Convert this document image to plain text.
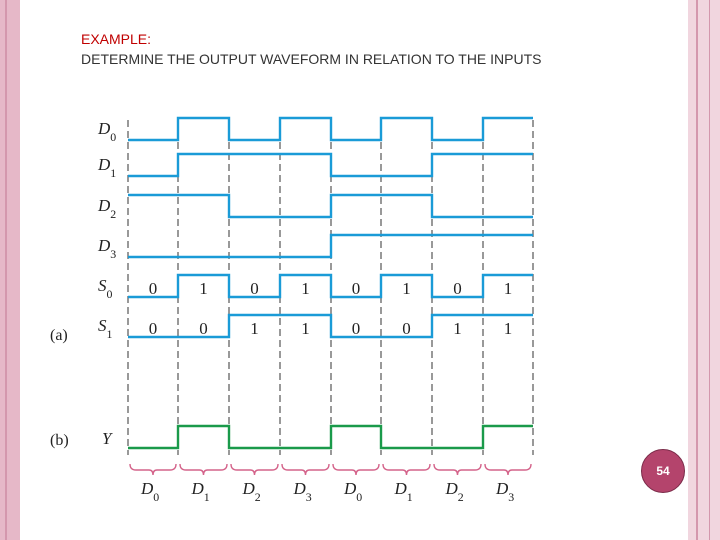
EXAMPLE:
DETERMINE THE OUTPUT WAVEFORM IN RELATION TO THE INPUTS
$D_0$
$D_1$
$D_2$
$D_3$
$S_0$ 0 1	0	1 0 1	0 1
$S_1$ 0 0	1	1 0 0	1 1
(a)
(b) Y
$D_0$ $D_1$ $D_2$ $D_3$ $D_0$ $D_1$ $D_2$ $D_3$
54
